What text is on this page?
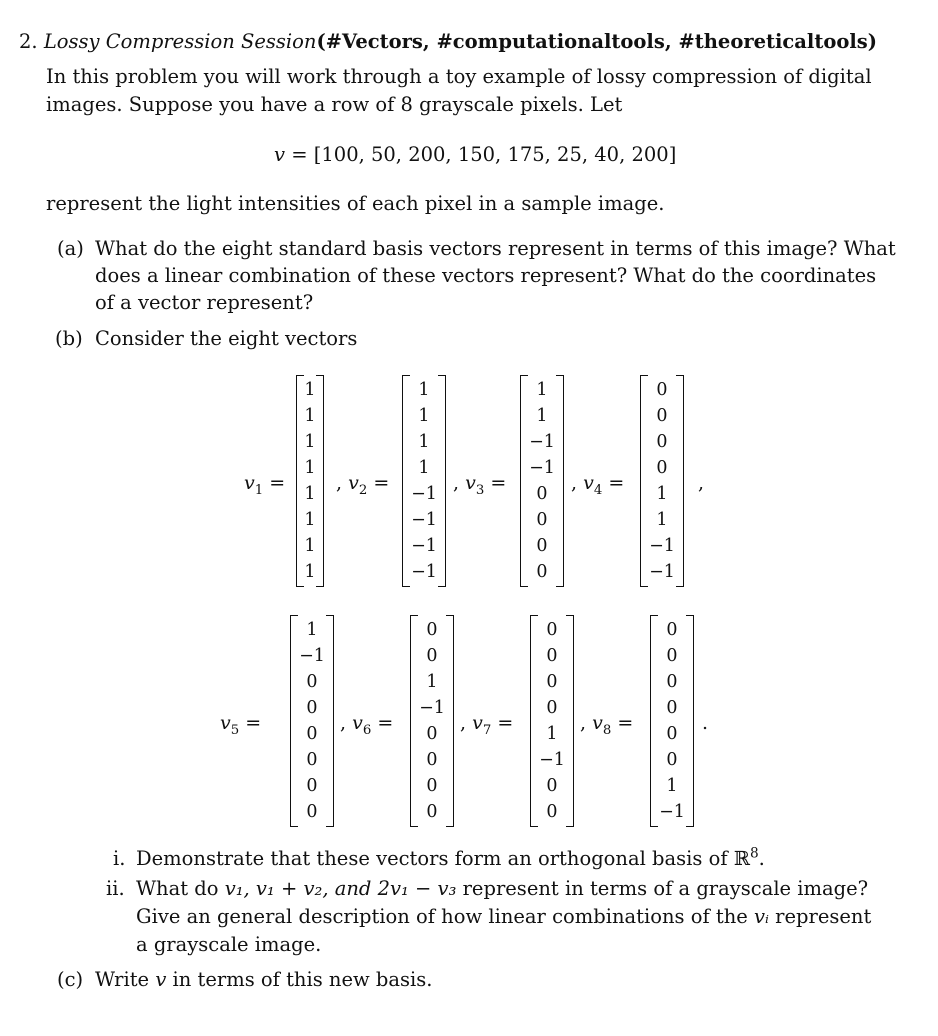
2. Lossy Compression Session(#Vectors, #computationaltools, #theoreticaltools)
In this problem you will work through a toy example of lossy compression of digital
images. Suppose you have a row of 8 grayscale pixels. Let
v = [100, 50, 200, 150, 175, 25, 40, 200]
represent the light intensities of each pixel in a sample image.
(a) What do the eight standard basis vectors represent in terms of this image? What
does a linear combination of these vectors represent? What do the coordinates
of a vector represent?
(b) Consider the eight vectors
$v_1$ =
1
1
1
1
1
1
1
1
, $v_2$ =
1
1
1
1
−1
−1
−1
−1
, $v_3$ =
1
1
−1
−1
0
0
0
0
, $v_4$ =
0
0
0
0
1
1
−1
−1
,
$v_5$ =
1
−1
0
0
0
0
0
0
, $v_6$ =
0
0
1
−1
0
0
0
0
, $v_7$ =
0
0
0
0
1
−1
0
0
, $v_8$ =
0
0
0
0
0
0
1
−1
.
i. Demonstrate that these vectors form an orthogonal basis of ℝ$^8$.
ii. What do v₁, v₁ + v₂, and 2v₁ − v₃ represent in terms of a grayscale image?
Give an general description of how linear combinations of the vᵢ represent
a grayscale image.
(c) Write v in terms of this new basis.
